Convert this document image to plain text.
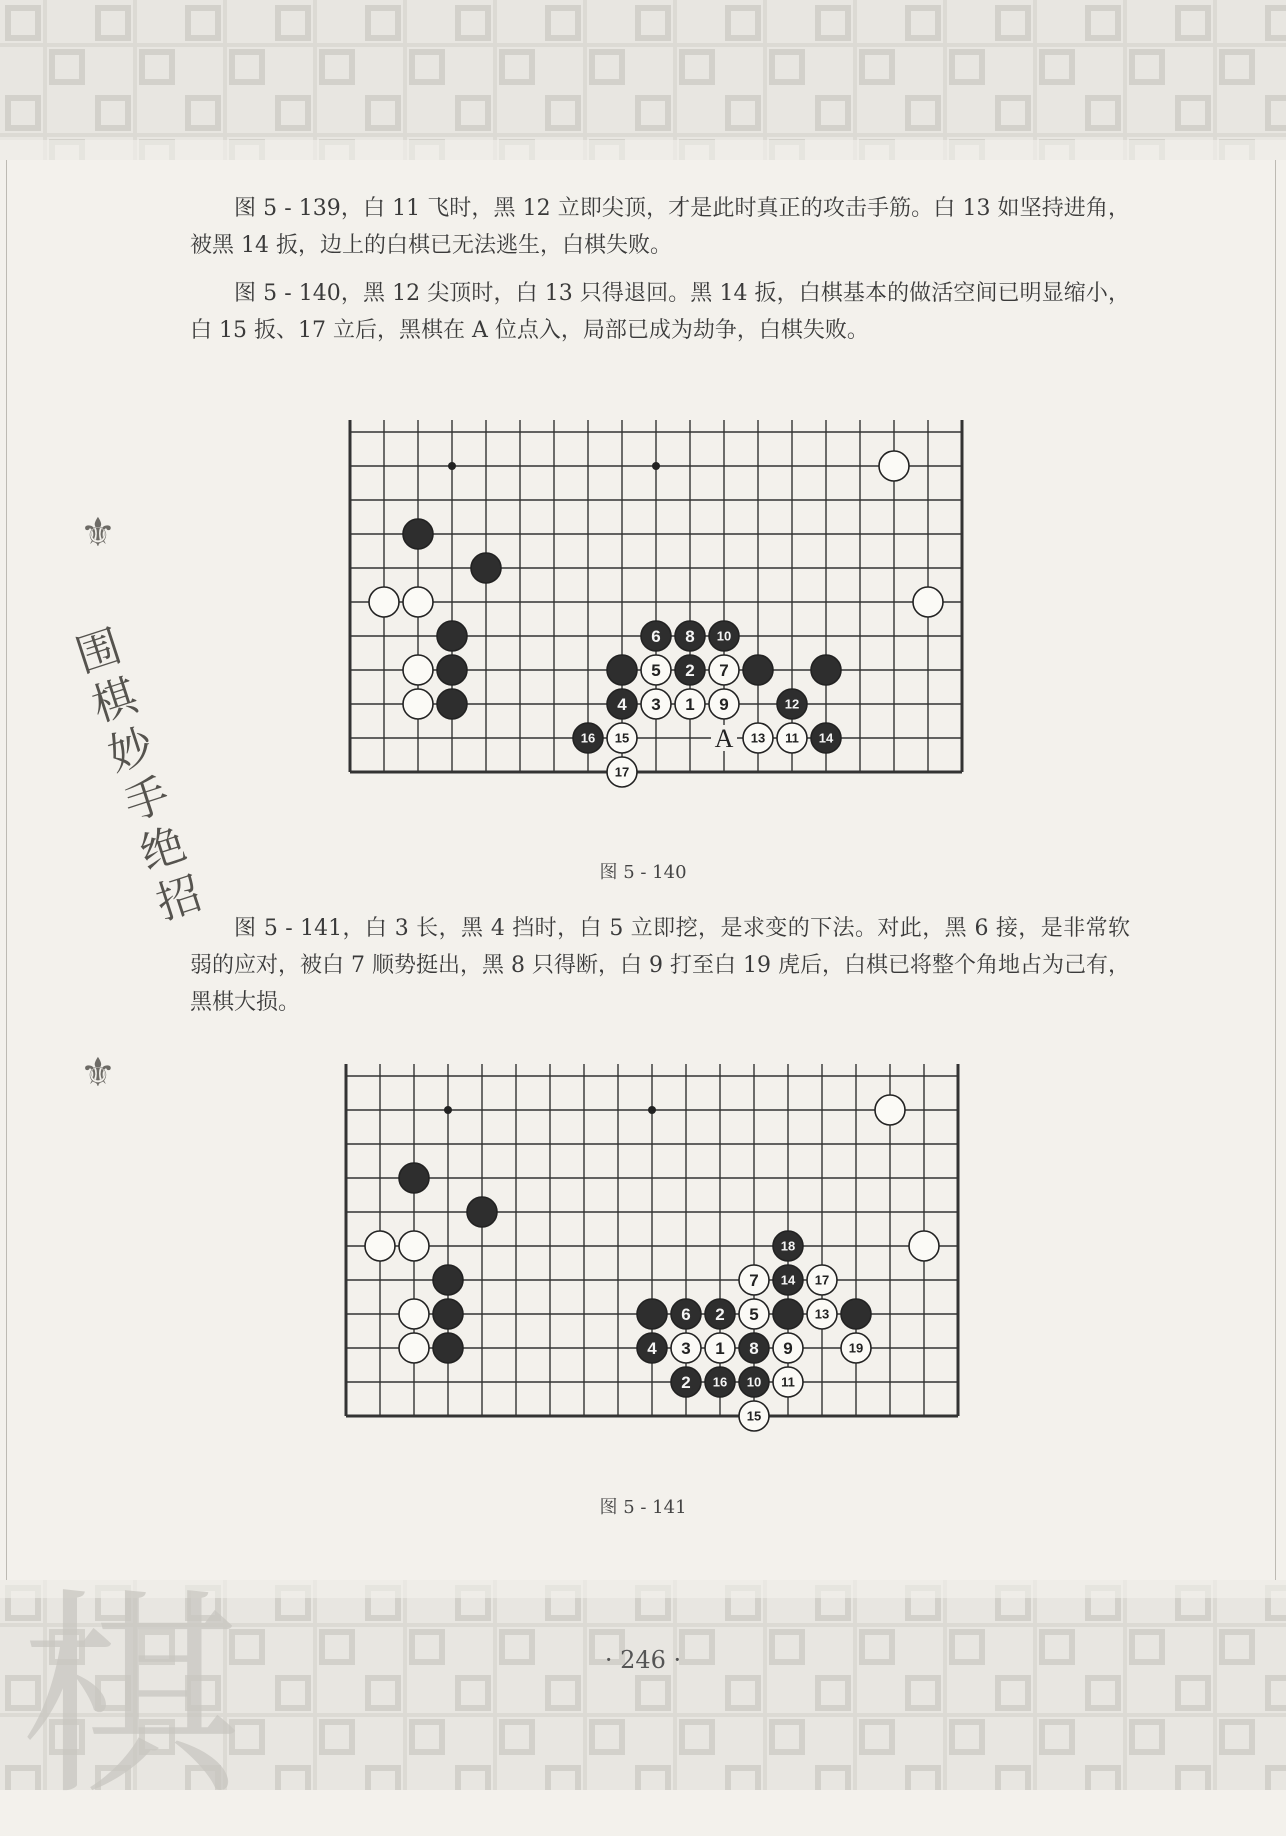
棋
⚜
围棋妙手绝招
⚜

图 5 - 139，白 11 飞时，黑 12 立即尖顶，才是此时真正的攻击手筋。白 13 如坚持进角，被黑 14 扳，边上的白棋已无法逃生，白棋失败。

图 5 - 140，黑 12 尖顶时，白 13 只得退回。黑 14 扳，白棋基本的做活空间已明显缩小，白 15 扳、17 立后，黑棋在 A 位点入，局部已成为劫争，白棋失败。

A
6 8 10
5 2 7
4 3 1 9	12
16 15	13 11 14
17
图 5 - 140

图 5 - 141，白 3 长，黑 4 挡时，白 5 立即挖，是求变的下法。对此，黑 6 接，是非常软弱的应对，被白 7 顺势挺出，黑 8 只得断，白 9 打至白 19 虎后，白棋已将整个角地占为己有，黑棋大损。

18
7 14 17
6 2 5	13
4 3 1 8 9	19
2 16 10 11
15
图 5 - 141
· 246 ·
